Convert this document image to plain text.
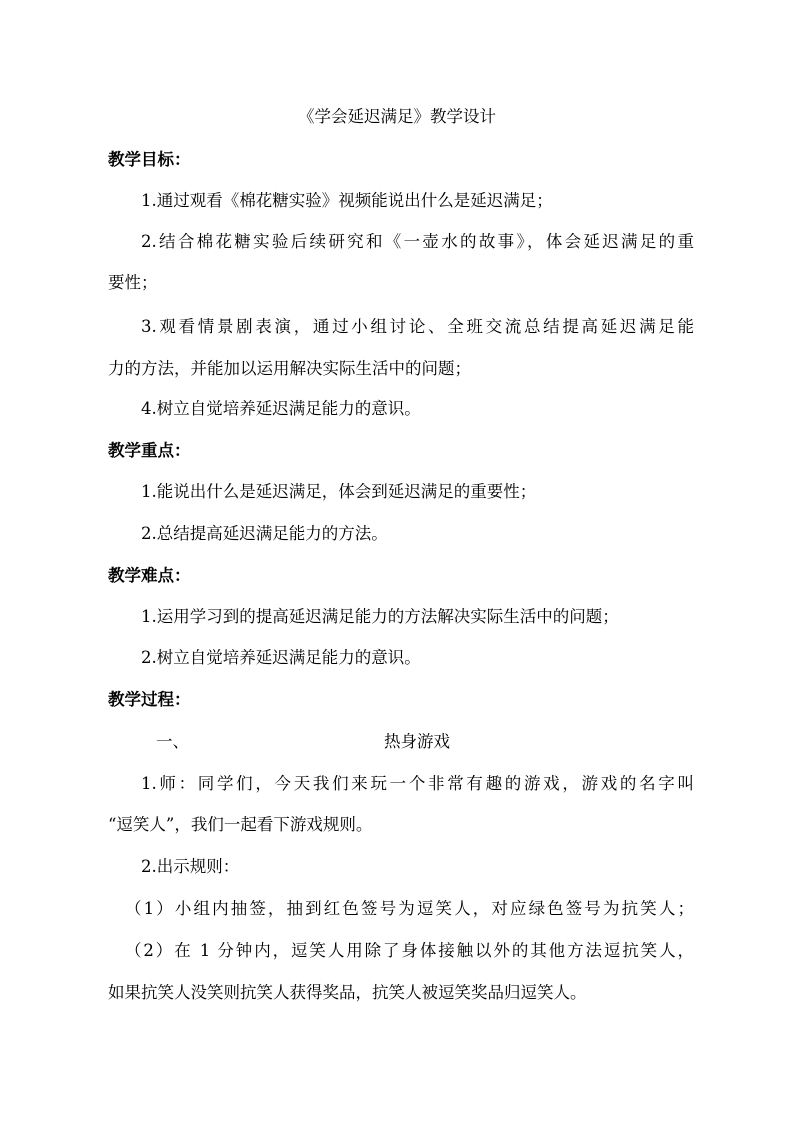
《学会延迟满足》教学设计
教学目标：
1.通过观看《棉花糖实验》视频能说出什么是延迟满足；
2.结合棉花糖实验后续研究和《一壶水的故事》，体会延迟满足的重
要性；
3.观看情景剧表演，通过小组讨论、全班交流总结提高延迟满足能
力的方法，并能加以运用解决实际生活中的问题；
4.树立自觉培养延迟满足能力的意识。
教学重点：
1.能说出什么是延迟满足，体会到延迟满足的重要性；
2.总结提高延迟满足能力的方法。
教学难点：
1.运用学习到的提高延迟满足能力的方法解决实际生活中的问题；
2.树立自觉培养延迟满足能力的意识。
教学过程：
一、	热身游戏
1.师：同学们，今天我们来玩一个非常有趣的游戏，游戏的名字叫
“逗笑人”，我们一起看下游戏规则。
2.出示规则：
（1）小组内抽签，抽到红色签号为逗笑人，对应绿色签号为抗笑人；
（2）在 1 分钟内，逗笑人用除了身体接触以外的其他方法逗抗笑人，
如果抗笑人没笑则抗笑人获得奖品，抗笑人被逗笑奖品归逗笑人。
